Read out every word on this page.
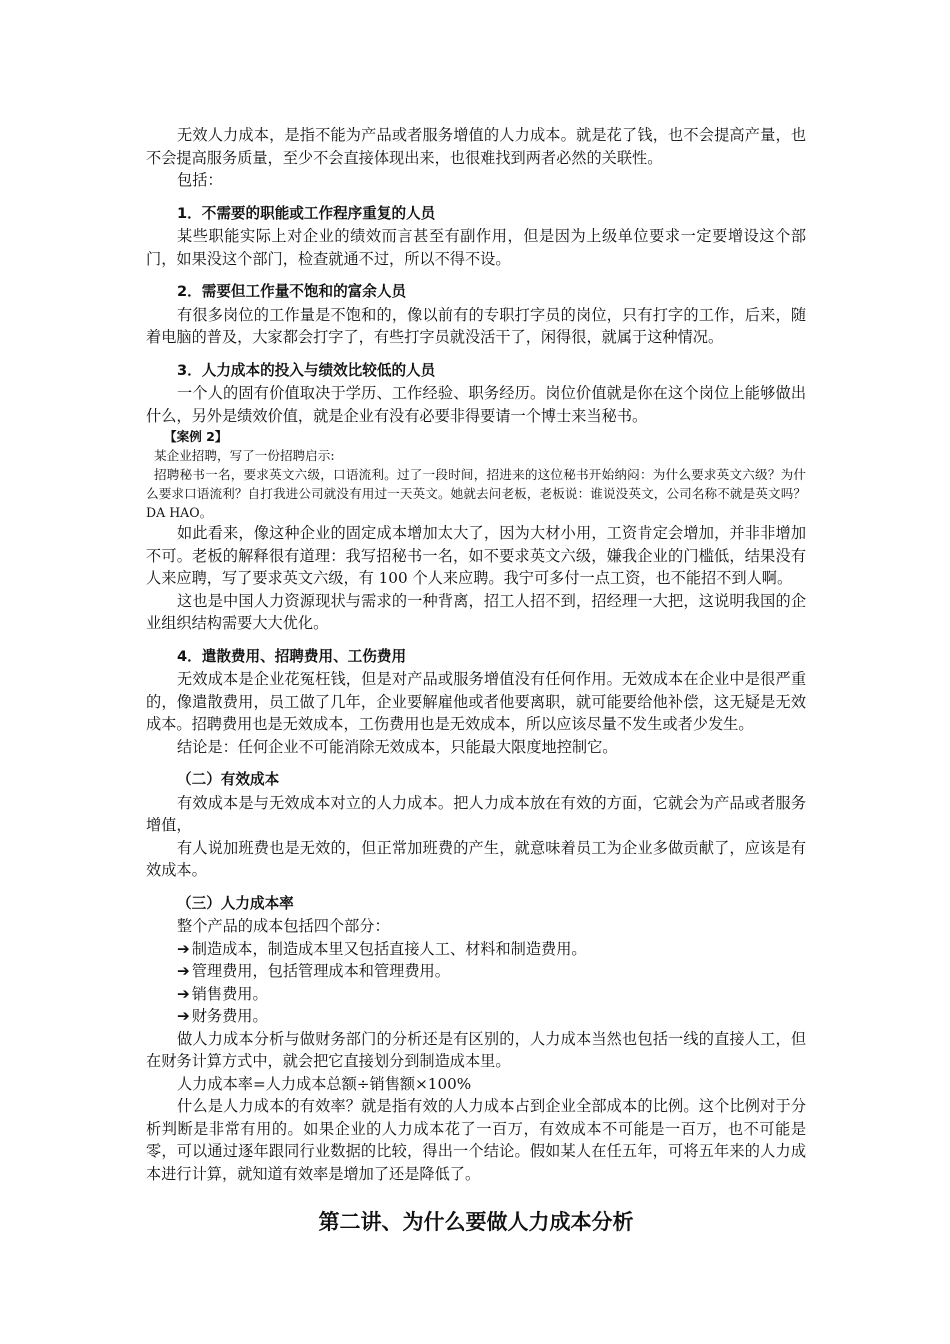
无效人力成本，是指不能为产品或者服务增值的人力成本。就是花了钱，也不会提高产量，也不会提高服务质量，至少不会直接体现出来，也很难找到两者必然的关联性。

包括：

1．不需要的职能或工作程序重复的人员

某些职能实际上对企业的绩效而言甚至有副作用，但是因为上级单位要求一定要增设这个部门，如果没这个部门，检查就通不过，所以不得不设。

2．需要但工作量不饱和的富余人员

有很多岗位的工作量是不饱和的，像以前有的专职打字员的岗位，只有打字的工作，后来，随着电脑的普及，大家都会打字了，有些打字员就没活干了，闲得很，就属于这种情况。

3．人力成本的投入与绩效比较低的人员

一个人的固有价值取决于学历、工作经验、职务经历。岗位价值就是你在这个岗位上能够做出什么，另外是绩效价值，就是企业有没有必要非得要请一个博士来当秘书。

【案例 2】

某企业招聘，写了一份招聘启示:

招聘秘书一名，要求英文六级，口语流利。过了一段时间，招进来的这位秘书开始纳闷：为什么要求英文六级？为什么要求口语流利？自打我进公司就没有用过一天英文。她就去问老板，老板说：谁说没英文，公司名称不就是英文吗？DA HAO。

如此看来，像这种企业的固定成本增加太大了，因为大材小用，工资肯定会增加，并非非增加不可。老板的解释很有道理：我写招秘书一名，如不要求英文六级，嫌我企业的门槛低，结果没有人来应聘，写了要求英文六级，有 100 个人来应聘。我宁可多付一点工资，也不能招不到人啊。

这也是中国人力资源现状与需求的一种背离，招工人招不到，招经理一大把，这说明我国的企业组织结构需要大大优化。

4．遣散费用、招聘费用、工伤费用

无效成本是企业花冤枉钱，但是对产品或服务增值没有任何作用。无效成本在企业中是很严重的，像遣散费用，员工做了几年，企业要解雇他或者他要离职，就可能要给他补偿，这无疑是无效成本。招聘费用也是无效成本，工伤费用也是无效成本，所以应该尽量不发生或者少发生。

结论是：任何企业不可能消除无效成本，只能最大限度地控制它。

（二）有效成本

有效成本是与无效成本对立的人力成本。把人力成本放在有效的方面，它就会为产品或者服务增值，

有人说加班费也是无效的，但正常加班费的产生，就意味着员工为企业多做贡献了，应该是有效成本。

（三）人力成本率

整个产品的成本包括四个部分：

➔ 制造成本，制造成本里又包括直接人工、材料和制造费用。

➔ 管理费用，包括管理成本和管理费用。

➔ 销售费用。

➔ 财务费用。

做人力成本分析与做财务部门的分析还是有区别的，人力成本当然也包括一线的直接人工，但在财务计算方式中，就会把它直接划分到制造成本里。

人力成本率=人力成本总额÷销售额×100%

什么是人力成本的有效率？就是指有效的人力成本占到企业全部成本的比例。这个比例对于分析判断是非常有用的。如果企业的人力成本花了一百万，有效成本不可能是一百万，也不可能是零，可以通过逐年跟同行业数据的比较，得出一个结论。假如某人在任五年，可将五年来的人力成本进行计算，就知道有效率是增加了还是降低了。

第二讲、为什么要做人力成本分析
